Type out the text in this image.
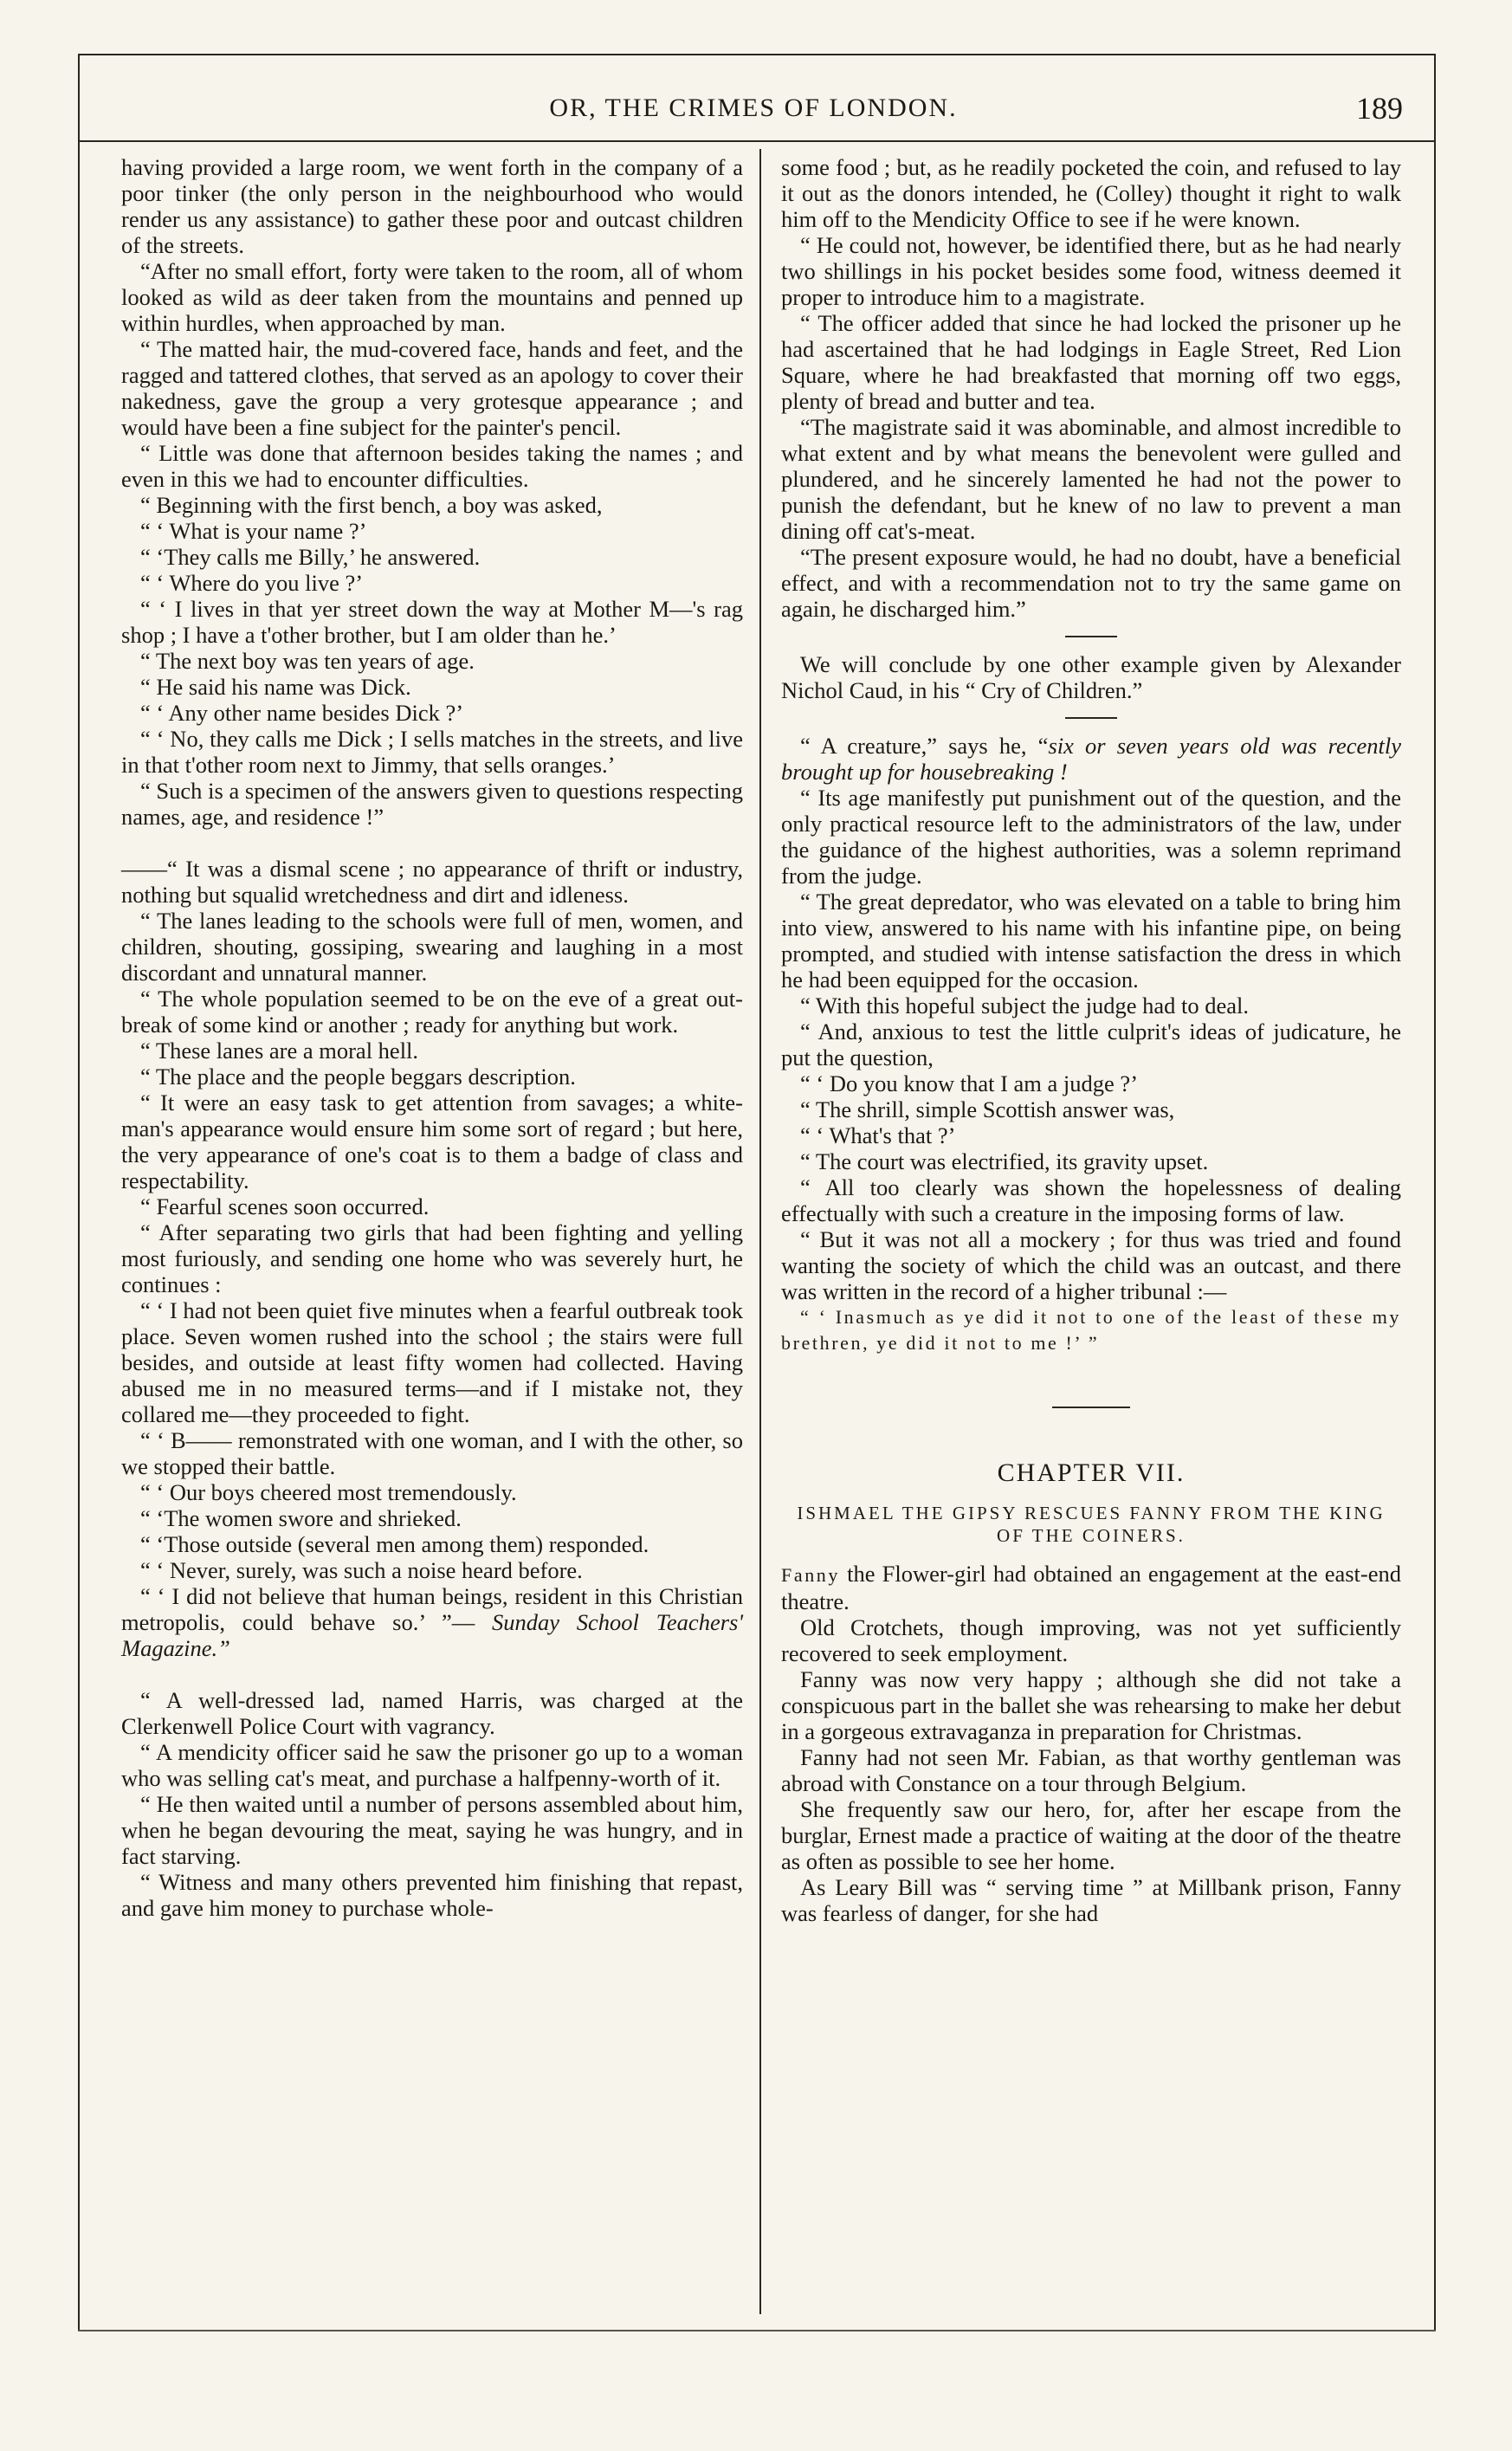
OR, THE CRIMES OF LONDON.	189

having provided a large room, we went forth in the company of a poor tinker (the only person in the neighbourhood who would render us any assistance) to gather these poor and outcast children of the streets.

“After no small effort, forty were taken to the room, all of whom looked as wild as deer taken from the mountains and penned up within hurdles, when approached by man.

“ The matted hair, the mud-covered face, hands and feet, and the ragged and tattered clothes, that served as an apology to cover their nakedness, gave the group a very grotesque appearance ; and would have been a fine subject for the painter's pencil.

“ Little was done that afternoon besides taking the names ; and even in this we had to encounter difficulties.

“ Beginning with the first bench, a boy was asked,

“ ‘ What is your name ?’

“ ‘They calls me Billy,’ he answered.

“ ‘ Where do you live ?’

“ ‘ I lives in that yer street down the way at Mother M—'s rag shop ; I have a t'other brother, but I am older than he.’

“ The next boy was ten years of age.

“ He said his name was Dick.

“ ‘ Any other name besides Dick ?’

“ ‘ No, they calls me Dick ; I sells matches in the streets, and live in that t'other room next to Jimmy, that sells oranges.’

“ Such is a specimen of the answers given to questions respecting names, age, and residence !”

——“ It was a dismal scene ; no appearance of thrift or industry, nothing but squalid wretchedness and dirt and idleness.

“ The lanes leading to the schools were full of men, women, and children, shouting, gossiping, swearing and laughing in a most discordant and unnatural manner.

“ The whole population seemed to be on the eve of a great out-break of some kind or another ; ready for anything but work.

“ These lanes are a moral hell.

“ The place and the people beggars description.

“ It were an easy task to get attention from savages; a white-man's appearance would ensure him some sort of regard ; but here, the very appearance of one's coat is to them a badge of class and respectability.

“ Fearful scenes soon occurred.

“ After separating two girls that had been fighting and yelling most furiously, and sending one home who was severely hurt, he continues :

“ ‘ I had not been quiet five minutes when a fearful outbreak took place. Seven women rushed into the school ; the stairs were full besides, and outside at least fifty women had collected. Having abused me in no measured terms—and if I mistake not, they collared me—they proceeded to fight.

“ ‘ B—— remonstrated with one woman, and I with the other, so we stopped their battle.

“ ‘ Our boys cheered most tremendously.

“ ‘The women swore and shrieked.

“ ‘Those outside (several men among them) responded.

“ ‘ Never, surely, was such a noise heard before.

“ ‘ I did not believe that human beings, resident in this Christian metropolis, could behave so.’ ”— Sunday School Teachers' Magazine.”

“ A well-dressed lad, named Harris, was charged at the Clerkenwell Police Court with vagrancy.

“ A mendicity officer said he saw the prisoner go up to a woman who was selling cat's meat, and purchase a halfpenny-worth of it.

“ He then waited until a number of persons assembled about him, when he began devouring the meat, saying he was hungry, and in fact starving.

“ Witness and many others prevented him finishing that repast, and gave him money to purchase whole-

some food ; but, as he readily pocketed the coin, and refused to lay it out as the donors intended, he (Colley) thought it right to walk him off to the Mendicity Office to see if he were known.

“ He could not, however, be identified there, but as he had nearly two shillings in his pocket besides some food, witness deemed it proper to introduce him to a magistrate.

“ The officer added that since he had locked the prisoner up he had ascertained that he had lodgings in Eagle Street, Red Lion Square, where he had breakfasted that morning off two eggs, plenty of bread and butter and tea.

“The magistrate said it was abominable, and almost incredible to what extent and by what means the benevolent were gulled and plundered, and he sincerely lamented he had not the power to punish the defendant, but he knew of no law to prevent a man dining off cat's-meat.

“The present exposure would, he had no doubt, have a beneficial effect, and with a recommendation not to try the same game on again, he discharged him.”

We will conclude by one other example given by Alexander Nichol Caud, in his “ Cry of Children.”

“ A creature,” says he, “six or seven years old was recently brought up for housebreaking !

“ Its age manifestly put punishment out of the question, and the only practical resource left to the administrators of the law, under the guidance of the highest authorities, was a solemn reprimand from the judge.

“ The great depredator, who was elevated on a table to bring him into view, answered to his name with his infantine pipe, on being prompted, and studied with intense satisfaction the dress in which he had been equipped for the occasion.

“ With this hopeful subject the judge had to deal.

“ And, anxious to test the little culprit's ideas of judicature, he put the question,

“ ‘ Do you know that I am a judge ?’

“ The shrill, simple Scottish answer was,

“ ‘ What's that ?’

“ The court was electrified, its gravity upset.

“ All too clearly was shown the hopelessness of dealing effectually with such a creature in the imposing forms of law.

“ But it was not all a mockery ; for thus was tried and found wanting the society of which the child was an outcast, and there was written in the record of a higher tribunal :—

“ ‘ Inasmuch as ye did it not to one of the least of these my brethren, ye did it not to me !’ ”

CHAPTER VII.
ISHMAEL THE GIPSY RESCUES FANNY FROM THE KING OF THE COINERS.

Fanny the Flower-girl had obtained an engagement at the east-end theatre.

Old Crotchets, though improving, was not yet sufficiently recovered to seek employment.

Fanny was now very happy ; although she did not take a conspicuous part in the ballet she was rehearsing to make her debut in a gorgeous extravaganza in preparation for Christmas.

Fanny had not seen Mr. Fabian, as that worthy gentleman was abroad with Constance on a tour through Belgium.

She frequently saw our hero, for, after her escape from the burglar, Ernest made a practice of waiting at the door of the theatre as often as possible to see her home.

As Leary Bill was “ serving time ” at Millbank prison, Fanny was fearless of danger, for she had
